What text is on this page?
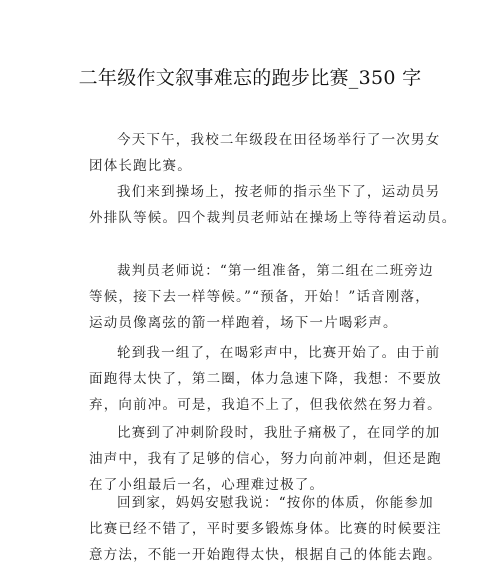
二年级作文叙事难忘的跑步比赛_350 字
今天下午，我校二年级段在田径场举行了一次男女
团体长跑比赛。
我们来到操场上，按老师的指示坐下了，运动员另
外排队等候。四个裁判员老师站在操场上等待着运动员。
裁判员老师说：“第一组准备，第二组在二班旁边
等候，接下去一样等候。”“预备，开始！”话音刚落，
运动员像离弦的箭一样跑着，场下一片喝彩声。
轮到我一组了，在喝彩声中，比赛开始了。由于前
面跑得太快了，第二圈，体力急速下降，我想：不要放
弃，向前冲。可是，我追不上了，但我依然在努力着。
比赛到了冲刺阶段时，我肚子痛极了，在同学的加
油声中，我有了足够的信心，努力向前冲刺，但还是跑
在了小组最后一名，心理难过极了。
回到家，妈妈安慰我说：“按你的体质，你能参加
比赛已经不错了，平时要多锻炼身体。比赛的时候要注
意方法，不能一开始跑得太快，根据自己的体能去跑。
